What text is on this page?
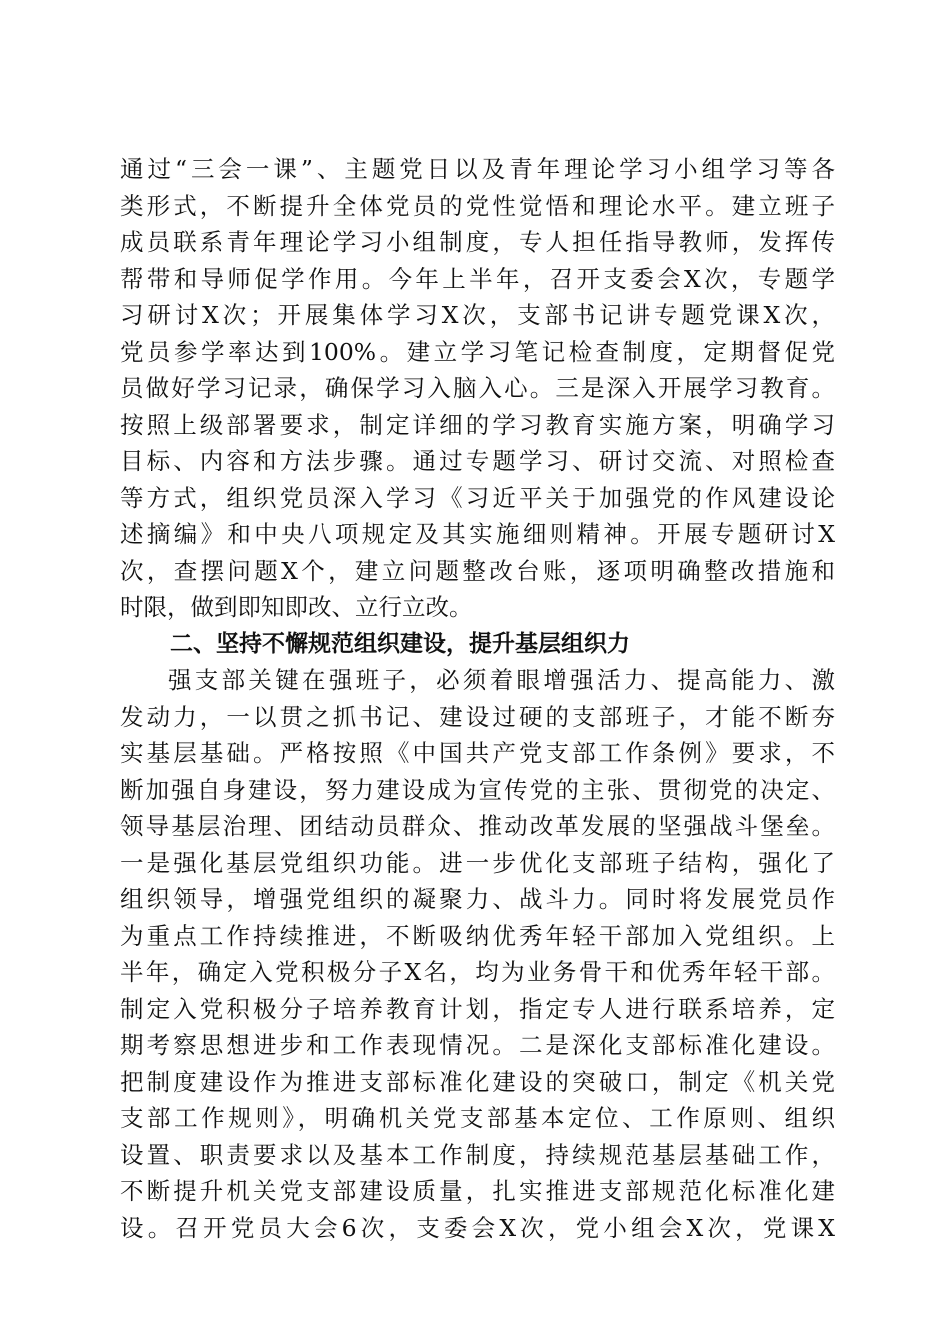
通过“三会一课”、主题党日以及青年理论学习小组学习等各
类形式，不断提升全体党员的党性觉悟和理论水平。建立班子
成员联系青年理论学习小组制度，专人担任指导教师，发挥传
帮带和导师促学作用。今年上半年，召开支委会X次，专题学
习研讨X次；开展集体学习X次，支部书记讲专题党课X次，
党员参学率达到100%。建立学习笔记检查制度，定期督促党
员做好学习记录，确保学习入脑入心。三是深入开展学习教育。
按照上级部署要求，制定详细的学习教育实施方案，明确学习
目标、内容和方法步骤。通过专题学习、研讨交流、对照检查
等方式，组织党员深入学习《习近平关于加强党的作风建设论
述摘编》和中央八项规定及其实施细则精神。开展专题研讨X
次，查摆问题X个，建立问题整改台账，逐项明确整改措施和
时限，做到即知即改、立行立改。
二、坚持不懈规范组织建设，提升基层组织力
强支部关键在强班子，必须着眼增强活力、提高能力、激
发动力，一以贯之抓书记、建设过硬的支部班子，才能不断夯
实基层基础。严格按照《中国共产党支部工作条例》要求，不
断加强自身建设，努力建设成为宣传党的主张、贯彻党的决定、
领导基层治理、团结动员群众、推动改革发展的坚强战斗堡垒。
一是强化基层党组织功能。进一步优化支部班子结构，强化了
组织领导，增强党组织的凝聚力、战斗力。同时将发展党员作
为重点工作持续推进，不断吸纳优秀年轻干部加入党组织。上
半年，确定入党积极分子X名，均为业务骨干和优秀年轻干部。
制定入党积极分子培养教育计划，指定专人进行联系培养，定
期考察思想进步和工作表现情况。二是深化支部标准化建设。
把制度建设作为推进支部标准化建设的突破口，制定《机关党
支部工作规则》，明确机关党支部基本定位、工作原则、组织
设置、职责要求以及基本工作制度，持续规范基层基础工作，
不断提升机关党支部建设质量，扎实推进支部规范化标准化建
设。召开党员大会6次，支委会X次，党小组会X次，党课X
